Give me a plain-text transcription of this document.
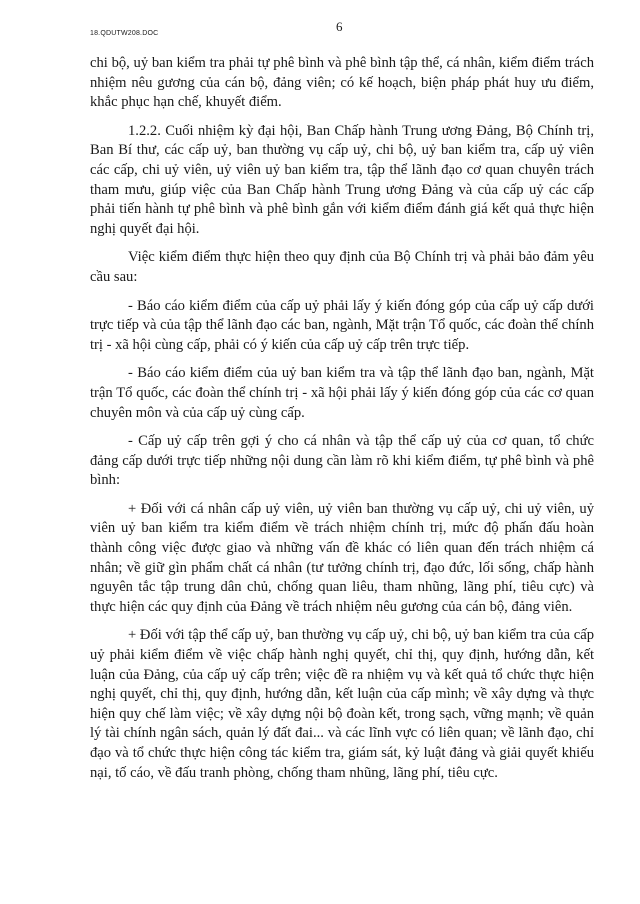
18.QDUTW208.DOC	6

chi bộ, uỷ ban kiểm tra phải tự phê bình và phê bình tập thể, cá nhân, kiểm điểm trách nhiệm nêu gương của cán bộ, đảng viên; có kế hoạch, biện pháp phát huy ưu điểm, khắc phục hạn chế, khuyết điểm.

1.2.2. Cuối nhiệm kỳ đại hội, Ban Chấp hành Trung ương Đảng, Bộ Chính trị, Ban Bí thư, các cấp uỷ, ban thường vụ cấp uỷ, chi bộ, uỷ ban kiểm tra, cấp uỷ viên các cấp, chi uỷ viên, uỷ viên uỷ ban kiểm tra, tập thể lãnh đạo cơ quan chuyên trách tham mưu, giúp việc của Ban Chấp hành Trung ương Đảng và của cấp uỷ các cấp phải tiến hành tự phê bình và phê bình gắn với kiểm điểm đánh giá kết quả thực hiện nghị quyết đại hội.

Việc kiểm điểm thực hiện theo quy định của Bộ Chính trị và phải bảo đảm yêu cầu sau:

- Báo cáo kiểm điểm của cấp uỷ phải lấy ý kiến đóng góp của cấp uỷ cấp dưới trực tiếp và của tập thể lãnh đạo các ban, ngành, Mặt trận Tổ quốc, các đoàn thể chính trị - xã hội cùng cấp, phải có ý kiến của cấp uỷ cấp trên trực tiếp.

- Báo cáo kiểm điểm của uỷ ban kiểm tra và tập thể lãnh đạo ban, ngành, Mặt trận Tổ quốc, các đoàn thể chính trị - xã hội phải lấy ý kiến đóng góp của các cơ quan chuyên môn và của cấp uỷ cùng cấp.

- Cấp uỷ cấp trên gợi ý cho cá nhân và tập thể cấp uỷ của cơ quan, tổ chức đảng cấp dưới trực tiếp những nội dung cần làm rõ khi kiểm điểm, tự phê bình và phê bình:

+ Đối với cá nhân cấp uỷ viên, uỷ viên ban thường vụ cấp uỷ, chi uỷ viên, uỷ viên uỷ ban kiểm tra kiểm điểm về trách nhiệm chính trị, mức độ phấn đấu hoàn thành công việc được giao và những vấn đề khác có liên quan đến trách nhiệm cá nhân; về giữ gìn phẩm chất cá nhân (tư tưởng chính trị, đạo đức, lối sống, chấp hành nguyên tắc tập trung dân chủ, chống quan liêu, tham nhũng, lãng phí, tiêu cực) và thực hiện các quy định của Đảng về trách nhiệm nêu gương của cán bộ, đảng viên.

+ Đối với tập thể cấp uỷ, ban thường vụ cấp uỷ, chi bộ, uỷ ban kiểm tra của cấp uỷ phải kiểm điểm về việc chấp hành nghị quyết, chỉ thị, quy định, hướng dẫn, kết luận của Đảng, của cấp uỷ cấp trên; việc đề ra nhiệm vụ và kết quả tổ chức thực hiện nghị quyết, chỉ thị, quy định, hướng dẫn, kết luận của cấp mình; về xây dựng và thực hiện quy chế làm việc; về xây dựng nội bộ đoàn kết, trong sạch, vững mạnh; về quản lý tài chính ngân sách, quản lý đất đai... và các lĩnh vực có liên quan; về lãnh đạo, chỉ đạo và tổ chức thực hiện công tác kiểm tra, giám sát, kỷ luật đảng và giải quyết khiếu nại, tố cáo, về đấu tranh phòng, chống tham nhũng, lãng phí, tiêu cực.
